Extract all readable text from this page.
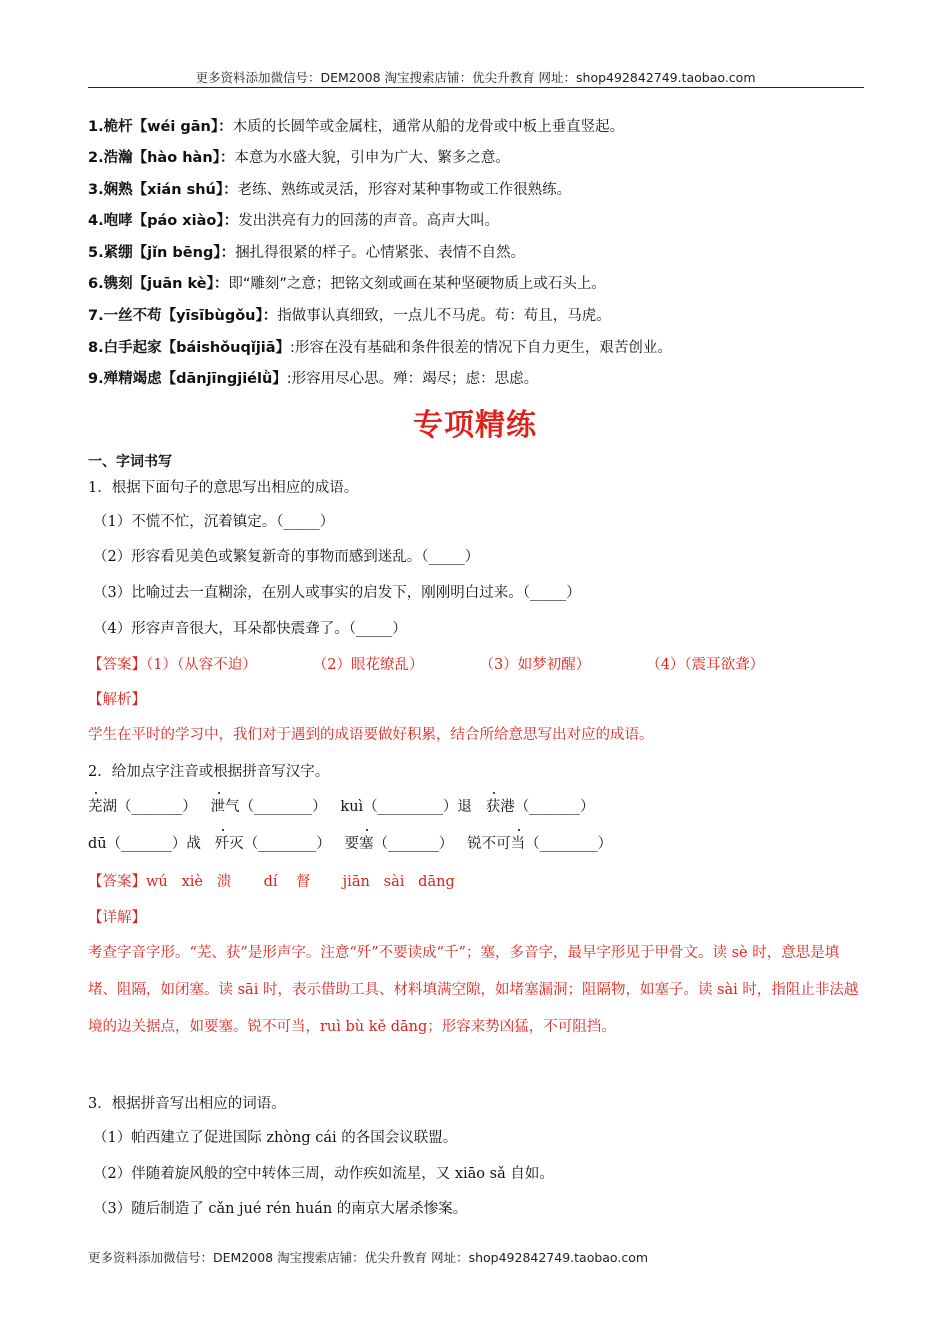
更多资料添加微信号：DEM2008 淘宝搜索店铺：优尖升教育 网址：shop492842749.taobao.com
1.桅杆【wéi gān】：木质的长圆竿或金属柱，通常从船的龙骨或中板上垂直竖起。
2.浩瀚【hào hàn】：本意为水盛大貌，引申为广大、繁多之意。
3.娴熟【xián shú】：老练、熟练或灵活，形容对某种事物或工作很熟练。
4.咆哮【páo xiào】：发出洪亮有力的回荡的声音。高声大叫。
5.紧绷【jǐn bēng】：捆扎得很紧的样子。心情紧张、表情不自然。
6.镌刻【juān kè】：即“雕刻”之意；把铭文刻或画在某种坚硬物质上或石头上。
7.一丝不苟【yīsībùgǒu】：指做事认真细致，一点儿不马虎。苟：苟且，马虎。
8.白手起家【báishǒuqǐjiā】:形容在没有基础和条件很差的情况下自力更生，艰苦创业。
9.殚精竭虑【dānjīngjiélǜ】:形容用尽心思。殚：竭尽；虑：思虑。
专项精练
一、字词书写
1．根据下面句子的意思写出相应的成语。
（1）不慌不忙，沉着镇定。（_____）
（2）形容看见美色或繁复新奇的事物而感到迷乱。（_____）
（3）比喻过去一直糊涂，在别人或事实的启发下，刚刚明白过来。（_____）
（4）形容声音很大，耳朵都快震聋了。（_____）
【答案】（1）（从容不迫）	（2）眼花缭乱）	（3）如梦初醒）	（4）（震耳欲聋）
【解析】
学生在平时的学习中，我们对于遇到的成语要做好积累，结合所给意思写出对应的成语。
2．给加点字注音或根据拼音写汉字。
芜湖（_______） 泄气（________） kuì（_________）退 获港（_______）
dū（_______）战 歼灭（________） 要塞（_______） 锐不可当（________）
【答案】wú   xiè   溃       dí    督       jiān   sài   dāng
【详解】
考查字音字形。“芜、获”是形声字。注意“歼”不要读成“千”；塞，多音字，最早字形见于甲骨文。读 sè 时，意思是填堵、阻隔，如闭塞。读 sāi 时，表示借助工具、材料填满空隙，如堵塞漏洞；阻隔物，如塞子。读 sài 时，指阻止非法越境的边关据点，如要塞。锐不可当，ruì bù kě dāng；形容来势凶猛，不可阻挡。
3．根据拼音写出相应的词语。
（1）帕西建立了促进国际 zhòng cái 的各国会议联盟。
（2）伴随着旋风般的空中转体三周，动作疾如流星，又 xiāo sǎ 自如。
（3）随后制造了 cǎn jué rén huán 的南京大屠杀惨案。
更多资料添加微信号：DEM2008 淘宝搜索店铺：优尖升教育 网址：shop492842749.taobao.com
